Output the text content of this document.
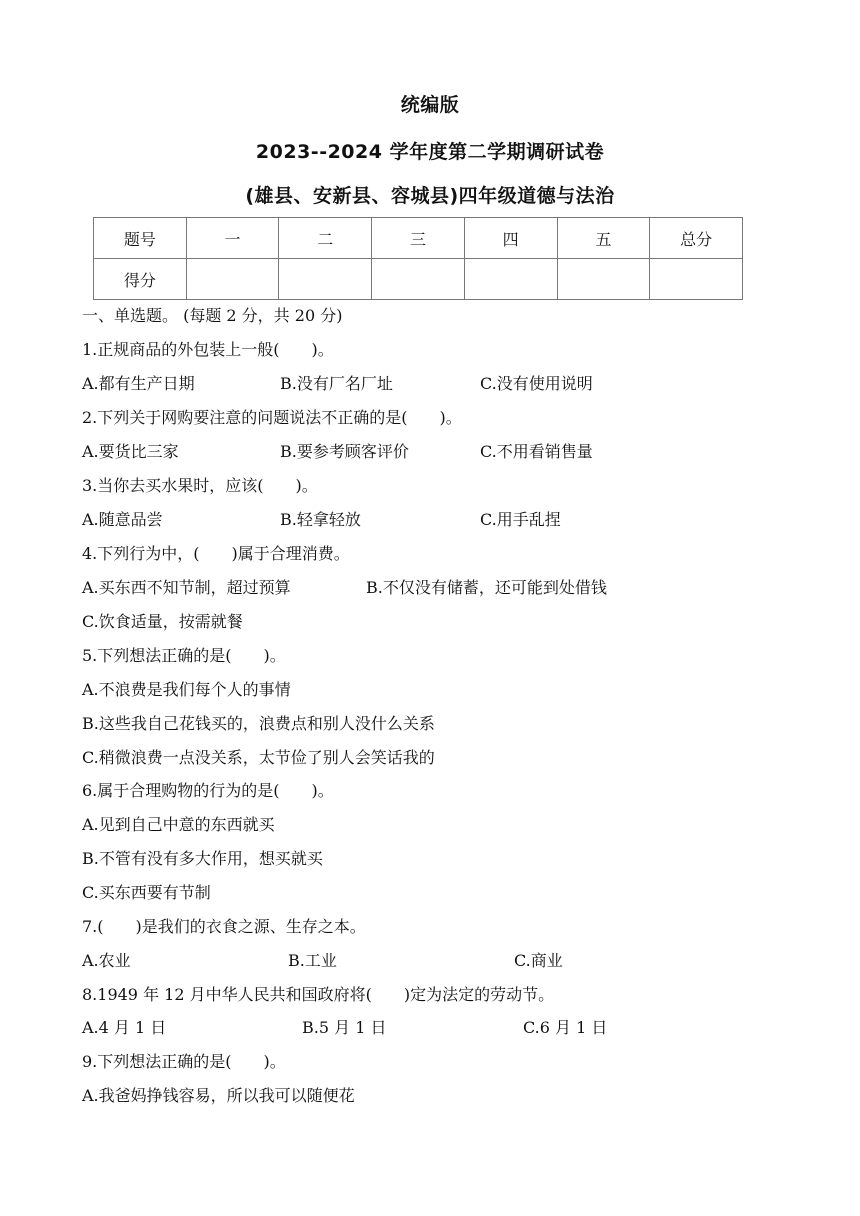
统编版
2023--2024 学年度第二学期调研试卷
(雄县、安新县、容城县)四年级道德与法治
题号	一	二	三	四	五	总分
得分						
一、单选题。 (每题 2 分，共 20 分)
1.正规商品的外包装上一般(　　)。
A.都有生产日期	B.没有厂名厂址	C.没有使用说明
2.下列关于网购要注意的问题说法不正确的是(　　)。
A.要货比三家	B.要参考顾客评价	C.不用看销售量
3.当你去买水果时，应该(　　)。
A.随意品尝	B.轻拿轻放	C.用手乱捏
4.下列行为中，(　　)属于合理消费。
A.买东西不知节制，超过预算	B.不仅没有储蓄，还可能到处借钱
C.饮食适量，按需就餐
5.下列想法正确的是(　　)。
A.不浪费是我们每个人的事情
B.这些我自己花钱买的，浪费点和别人没什么关系
C.稍微浪费一点没关系，太节俭了别人会笑话我的
6.属于合理购物的行为的是(　　)。
A.见到自己中意的东西就买
B.不管有没有多大作用，想买就买
C.买东西要有节制
7.(　　)是我们的衣食之源、生存之本。
A.农业	B.工业	C.商业
8.1949 年 12 月中华人民共和国政府将(　　)定为法定的劳动节。
A.4 月 1 日	B.5 月 1 日	C.6 月 1 日
9.下列想法正确的是(　　)。
A.我爸妈挣钱容易，所以我可以随便花
